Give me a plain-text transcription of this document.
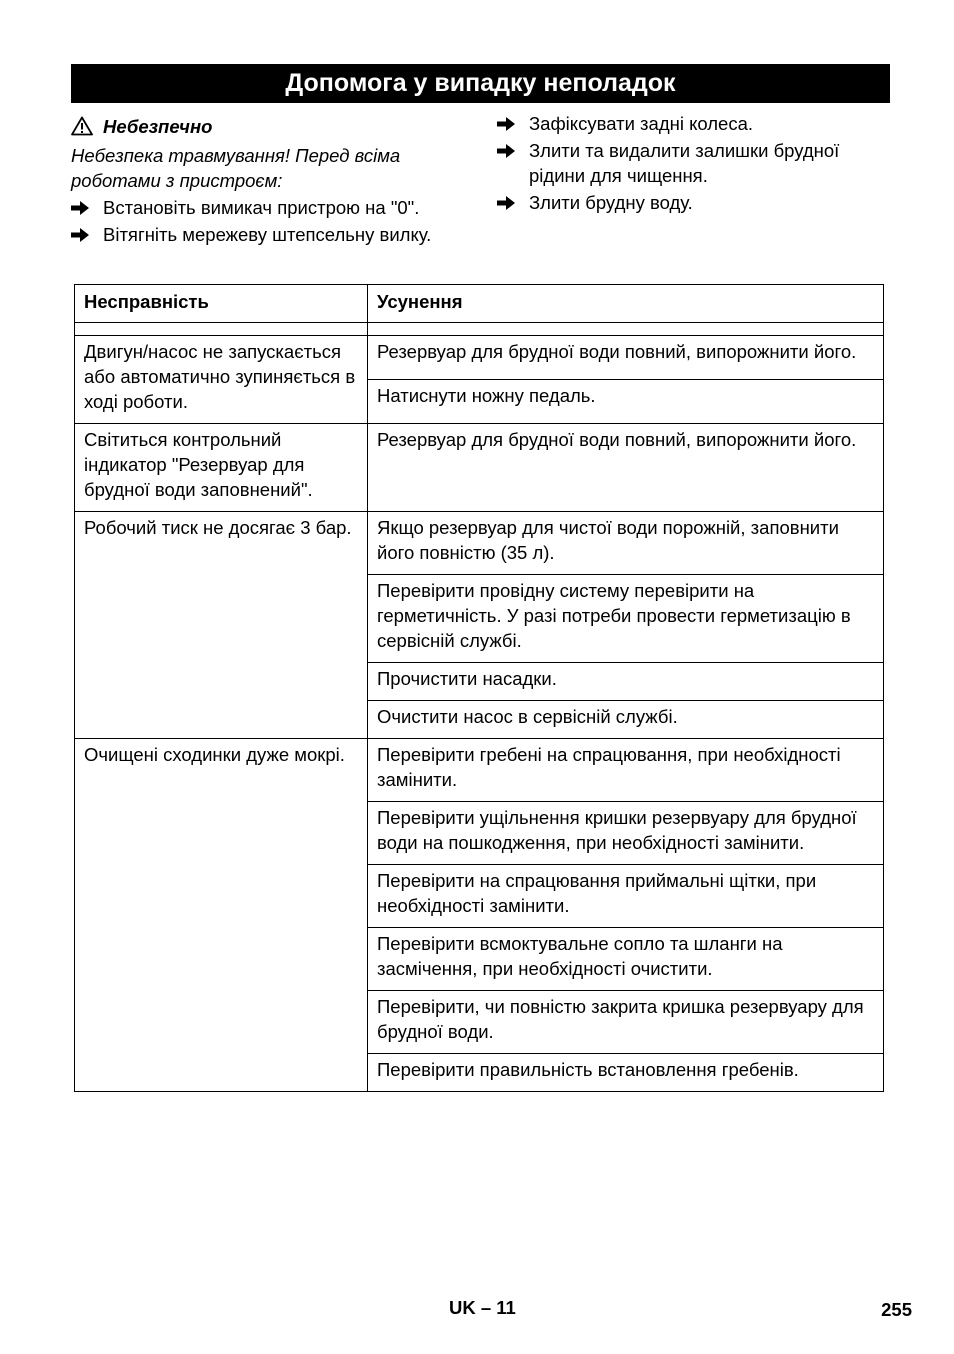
Допомога у випадку неполадок
Небезпечно
Небезпека травмування! Перед всіма роботами з пристроєм:
Встановіть вимикач пристрою на "0".
Вітягніть мережеву штепсельну вилку.
Зафіксувати задні колеса.
Злити та видалити залишки брудної рідини для чищення.
Злити брудну воду.
Несправність	Усунення

Двигун/насос не запускається або автоматично зупиняється в ході роботи.	Резервуар для брудної води повний, випорожнити його.
	Натиснути ножну педаль.
Світиться контрольний індикатор "Резервуар для брудної води заповнений".	Резервуар для брудної води повний, випорожнити його.
Робочий тиск не досягає 3 бар.	Якщо резервуар для чистої води порожній, заповнити його повністю (35 л).
	Перевірити провідну систему перевірити на герметичність. У разі потреби провести герметизацію в сервісній службі.
	Прочистити насадки.
	Очистити насос в сервісній службі.
Очищені сходинки дуже мокрі.	Перевірити гребені на спрацювання, при необхідності замінити.
	Перевірити ущільнення кришки резервуару для брудної води на пошкодження, при необхідності замінити.
	Перевірити на спрацювання приймальні щітки, при необхідності замінити.
	Перевірити всмоктувальне сопло та шланги на засмічення, при необхідності очистити.
	Перевірити, чи повністю закрита кришка резервуару для брудної води.
	Перевірити правильність встановлення гребенів.
UK – 11	255
